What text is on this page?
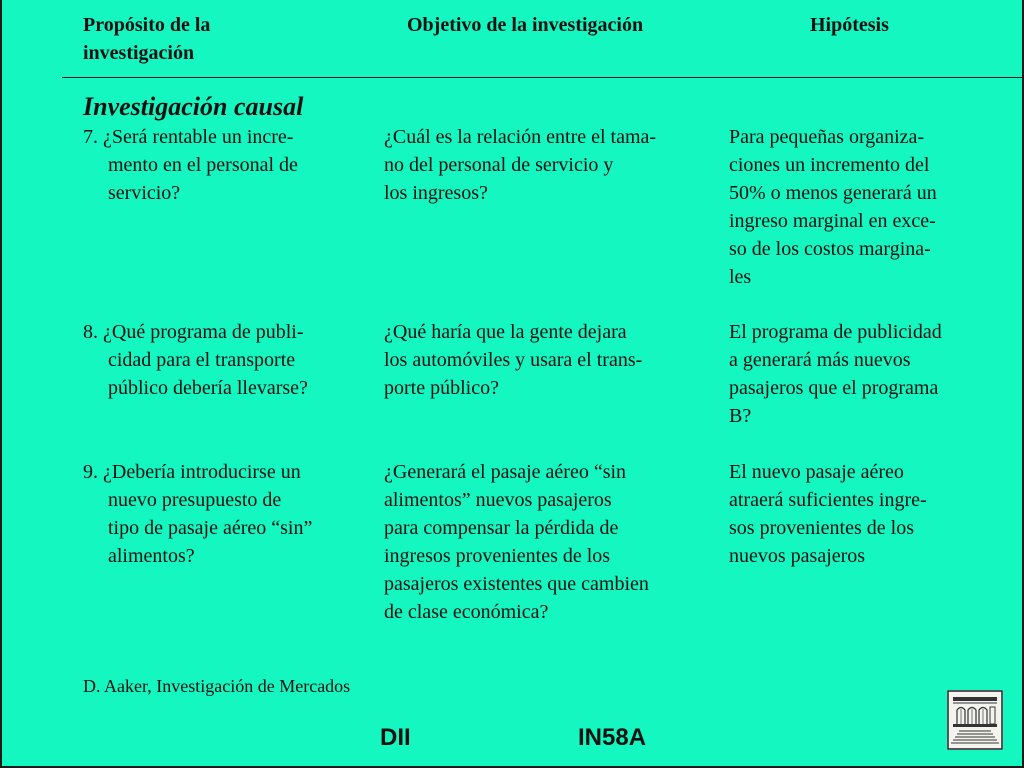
Propósito de la
investigación
Objetivo de la investigación	Hipótesis
Investigación causal
7. ¿Será rentable un incre-
mento en el personal de
servicio?
¿Cuál es la relación entre el tama-
no del personal de servicio y
los ingresos?
Para pequeñas organiza-
ciones un incremento del
50% o menos generará un
ingreso marginal en exce-
so de los costos margina-
les
8. ¿Qué programa de publi-
cidad para el transporte
público debería llevarse?
¿Qué haría que la gente dejara
los automóviles y usara el trans-
porte público?
El programa de publicidad
a generará más nuevos
pasajeros que el programa
B?
9. ¿Debería introducirse un
nuevo presupuesto de
tipo de pasaje aéreo “sin”
alimentos?
¿Generará el pasaje aéreo “sin
alimentos” nuevos pasajeros
para compensar la pérdida de
ingresos provenientes de los
pasajeros existentes que cambien
de clase económica?
El nuevo pasaje aéreo
atraerá suficientes ingre-
sos provenientes de los
nuevos pasajeros
D. Aaker, Investigación de Mercados
DII	IN58A
